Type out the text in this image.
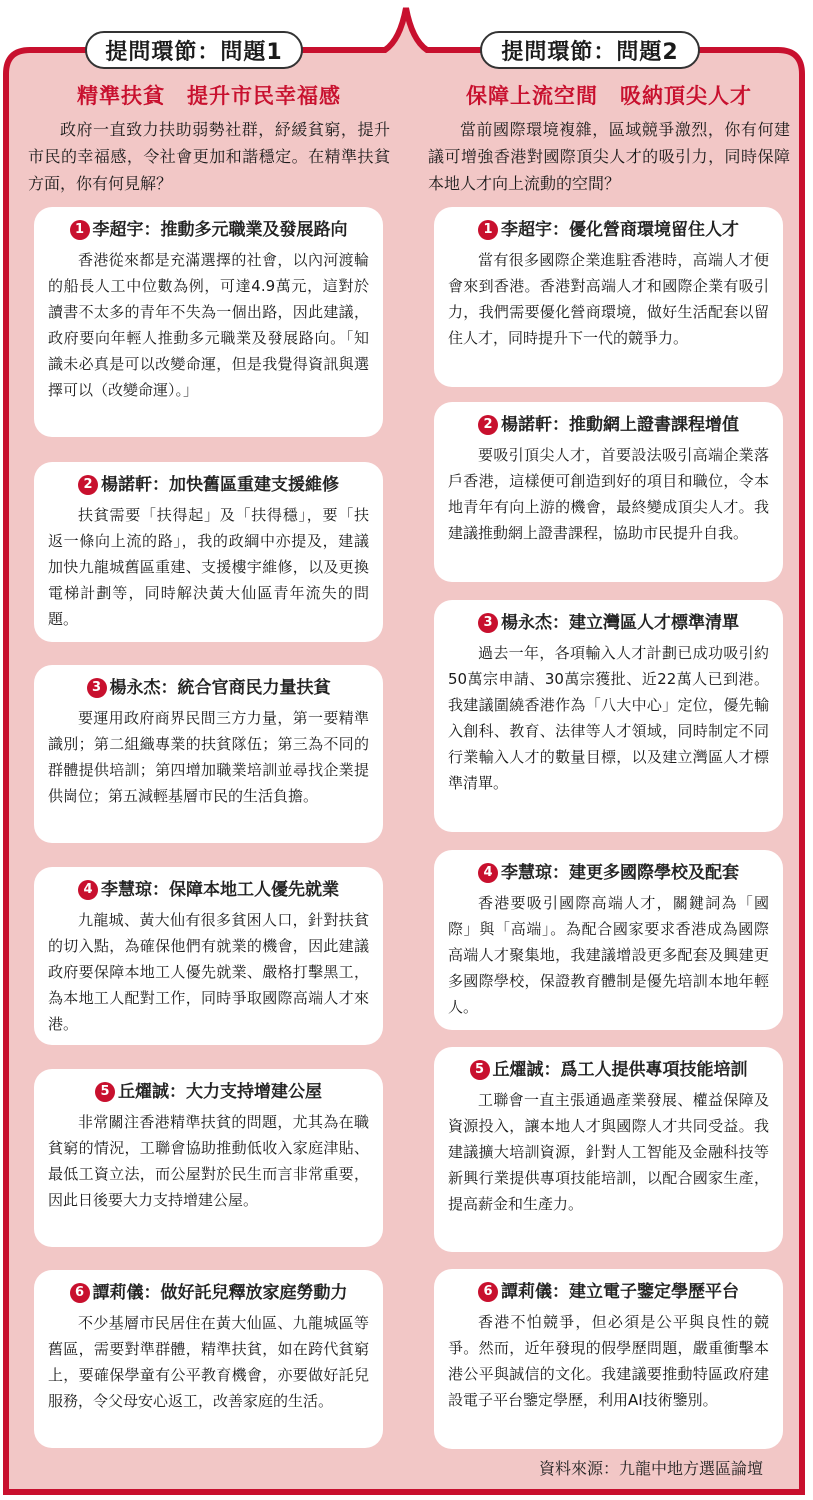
提問環節：問題1	提問環節：問題2
精準扶貧　提升市民幸福感
政府一直致力扶助弱勢社群，紓緩貧窮，提升市民的幸福感，令社會更加和諧穩定。在精準扶貧方面，你有何見解？
1 李超宇：推動多元職業及發展路向
香港從來都是充滿選擇的社會，以內河渡輪的船長人工中位數為例，可達4.9萬元，這對於讀書不太多的青年不失為一個出路，因此建議，政府要向年輕人推動多元職業及發展路向。「知識未必真是可以改變命運，但是我覺得資訊與選擇可以（改變命運）。」
2 楊諾軒：加快舊區重建支援維修
扶貧需要「扶得起」及「扶得穩」，要「扶返一條向上流的路」，我的政綱中亦提及，建議加快九龍城舊區重建、支援樓宇維修，以及更換電梯計劃等，同時解決黃大仙區青年流失的問題。
3 楊永杰：統合官商民力量扶貧
要運用政府商界民間三方力量，第一要精準識別；第二組織專業的扶貧隊伍；第三為不同的群體提供培訓；第四增加職業培訓並尋找企業提供崗位；第五減輕基層市民的生活負擔。
4 李慧琼：保障本地工人優先就業
九龍城、黃大仙有很多貧困人口，針對扶貧的切入點，為確保他們有就業的機會，因此建議政府要保障本地工人優先就業、嚴格打擊黑工，為本地工人配對工作，同時爭取國際高端人才來港。
5 丘燿誠：大力支持增建公屋
非常關注香港精準扶貧的問題，尤其為在職貧窮的情況，工聯會協助推動低收入家庭津貼、最低工資立法，而公屋對於民生而言非常重要，因此日後要大力支持增建公屋。
6 譚莉儀：做好託兒釋放家庭勞動力
不少基層市民居住在黃大仙區、九龍城區等舊區，需要對準群體，精準扶貧，如在跨代貧窮上，要確保學童有公平教育機會，亦要做好託兒服務，令父母安心返工，改善家庭的生活。
保障上流空間　吸納頂尖人才
當前國際環境複雜，區域競爭激烈，你有何建議可增強香港對國際頂尖人才的吸引力，同時保障本地人才向上流動的空間？
1 李超宇：優化營商環境留住人才
當有很多國際企業進駐香港時，高端人才便會來到香港。香港對高端人才和國際企業有吸引力，我們需要優化營商環境，做好生活配套以留住人才，同時提升下一代的競爭力。
2 楊諾軒：推動網上證書課程增值
要吸引頂尖人才，首要設法吸引高端企業落戶香港，這樣便可創造到好的項目和職位，令本地青年有向上游的機會，最終變成頂尖人才。我建議推動網上證書課程，協助市民提升自我。
3 楊永杰：建立灣區人才標準清單
過去一年，各項輸入人才計劃已成功吸引約50萬宗申請、30萬宗獲批、近22萬人已到港。我建議圍繞香港作為「八大中心」定位，優先輸入創科、教育、法律等人才領域，同時制定不同行業輸入人才的數量目標，以及建立灣區人才標準清單。
4 李慧琼：建更多國際學校及配套
香港要吸引國際高端人才，關鍵詞為「國際」與「高端」。為配合國家要求香港成為國際高端人才聚集地，我建議增設更多配套及興建更多國際學校，保證教育體制是優先培訓本地年輕人。
5 丘燿誠：爲工人提供專項技能培訓
工聯會一直主張通過產業發展、權益保障及資源投入，讓本地人才與國際人才共同受益。我建議擴大培訓資源，針對人工智能及金融科技等新興行業提供專項技能培訓，以配合國家生產，提高薪金和生產力。
6 譚莉儀：建立電子鑒定學歷平台
香港不怕競爭，但必須是公平與良性的競爭。然而，近年發現的假學歷問題，嚴重衝擊本港公平與誠信的文化。我建議要推動特區政府建設電子平台鑒定學歷，利用AI技術鑒別。
資料來源：九龍中地方選區論壇
